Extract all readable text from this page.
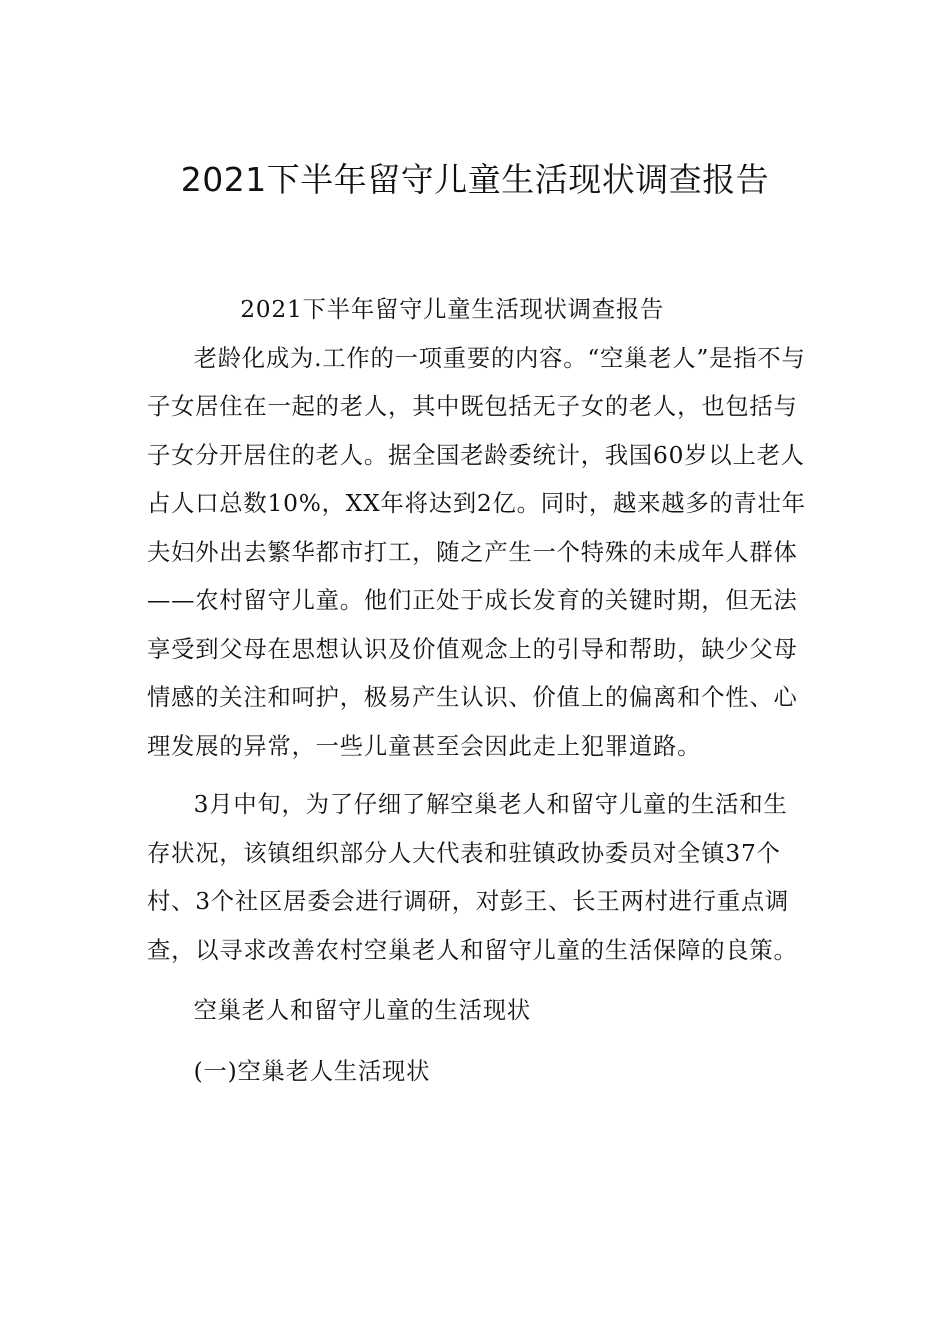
2021下半年留守儿童生活现状调查报告

2021下半年留守儿童生活现状调查报告

老龄化成为.工作的一项重要的内容。“空巢老人”是指不与子女居住在一起的老人，其中既包括无子女的老人，也包括与子女分开居住的老人。据全国老龄委统计，我国60岁以上老人占人口总数10%，XX年将达到2亿。同时，越来越多的青壮年夫妇外出去繁华都市打工，随之产生一个特殊的未成年人群体——农村留守儿童。他们正处于成长发育的关键时期，但无法享受到父母在思想认识及价值观念上的引导和帮助，缺少父母情感的关注和呵护，极易产生认识、价值上的偏离和个性、心理发展的异常，一些儿童甚至会因此走上犯罪道路。

3月中旬，为了仔细了解空巢老人和留守儿童的生活和生存状况，该镇组织部分人大代表和驻镇政协委员对全镇37个村、3个社区居委会进行调研，对彭王、长王两村进行重点调查，以寻求改善农村空巢老人和留守儿童的生活保障的良策。

空巢老人和留守儿童的生活现状

(一)空巢老人生活现状
